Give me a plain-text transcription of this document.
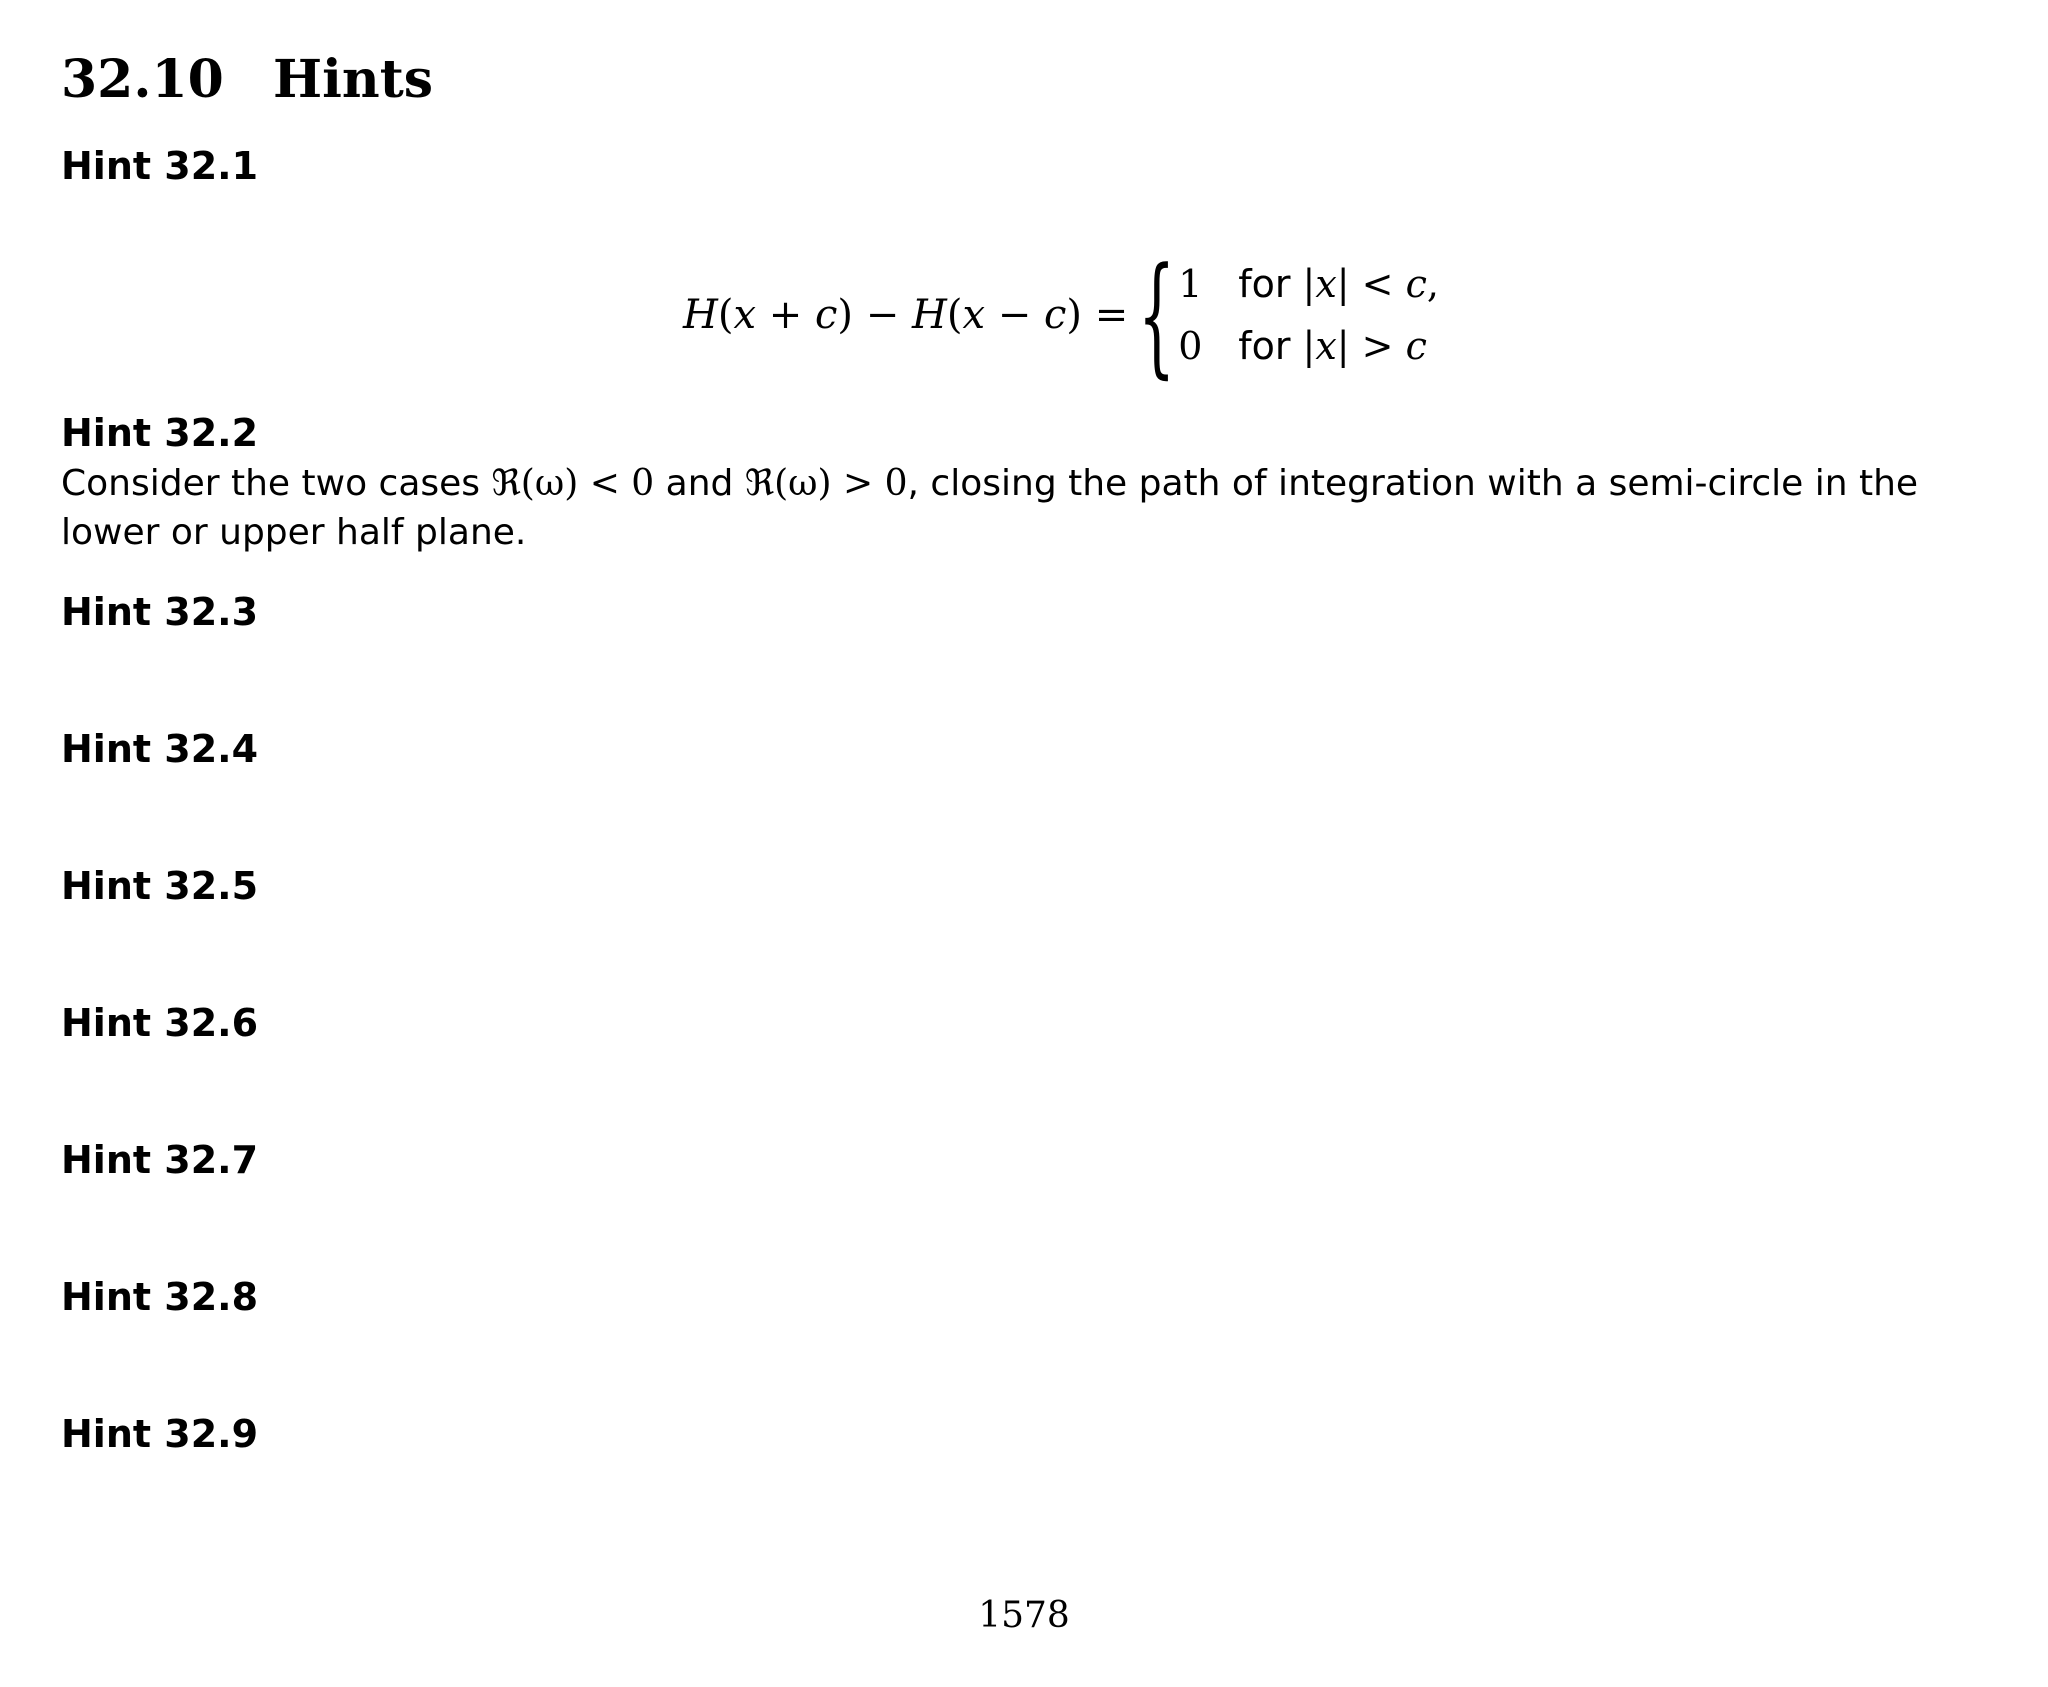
32.10 Hints
Hint 32.1
H(x + c) − H(x − c) = { 1 for |x| < c,
0 for |x| > c
Hint 32.2

Consider the two cases ℜ(ω) < 0 and ℜ(ω) > 0, closing the path of integration with a semi-circle in the lower or upper half plane.

Hint 32.3
Hint 32.4
Hint 32.5
Hint 32.6
Hint 32.7
Hint 32.8
Hint 32.9
1578
